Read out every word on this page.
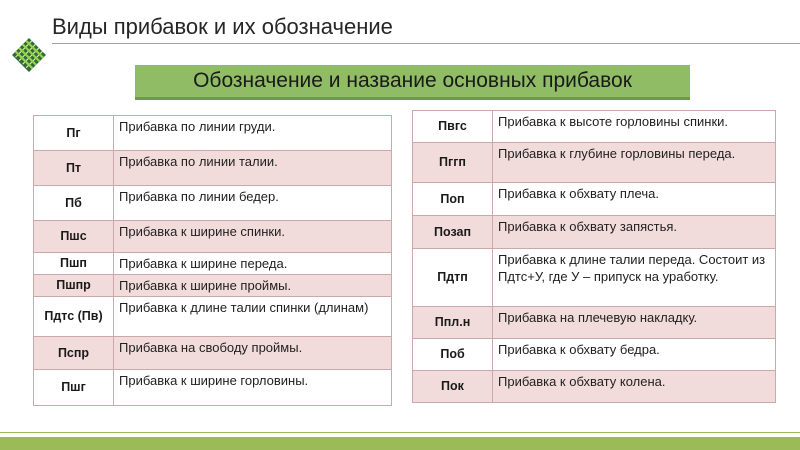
Виды прибавок и их обозначение
Обозначение и название основных прибавок
Пг	Прибавка по линии груди.
Пт	Прибавка по линии талии.
Пб	Прибавка по линии бедер.
Пшс	Прибавка к ширине спинки.
Пшп	Прибавка к ширине переда.
Пшпр	Прибавка к ширине проймы.
Пдтс (Пв)	Прибавка к длине талии спинки (длинам)
Пспр	Прибавка на свободу проймы.
Пшг	Прибавка к ширине горловины.
Пвгс	Прибавка к высоте горловины спинки.
Пггп	Прибавка к глубине горловины переда.
Поп	Прибавка к обхвату плеча.
Позап	Прибавка к обхвату запястья.
Пдтп	Прибавка к длине талии переда. Состоит из Пдтс+У, где У – припуск на уработку.
Ппл.н	Прибавка на плечевую накладку.
Поб	Прибавка к обхвату бедра.
Пок	Прибавка к обхвату колена.
